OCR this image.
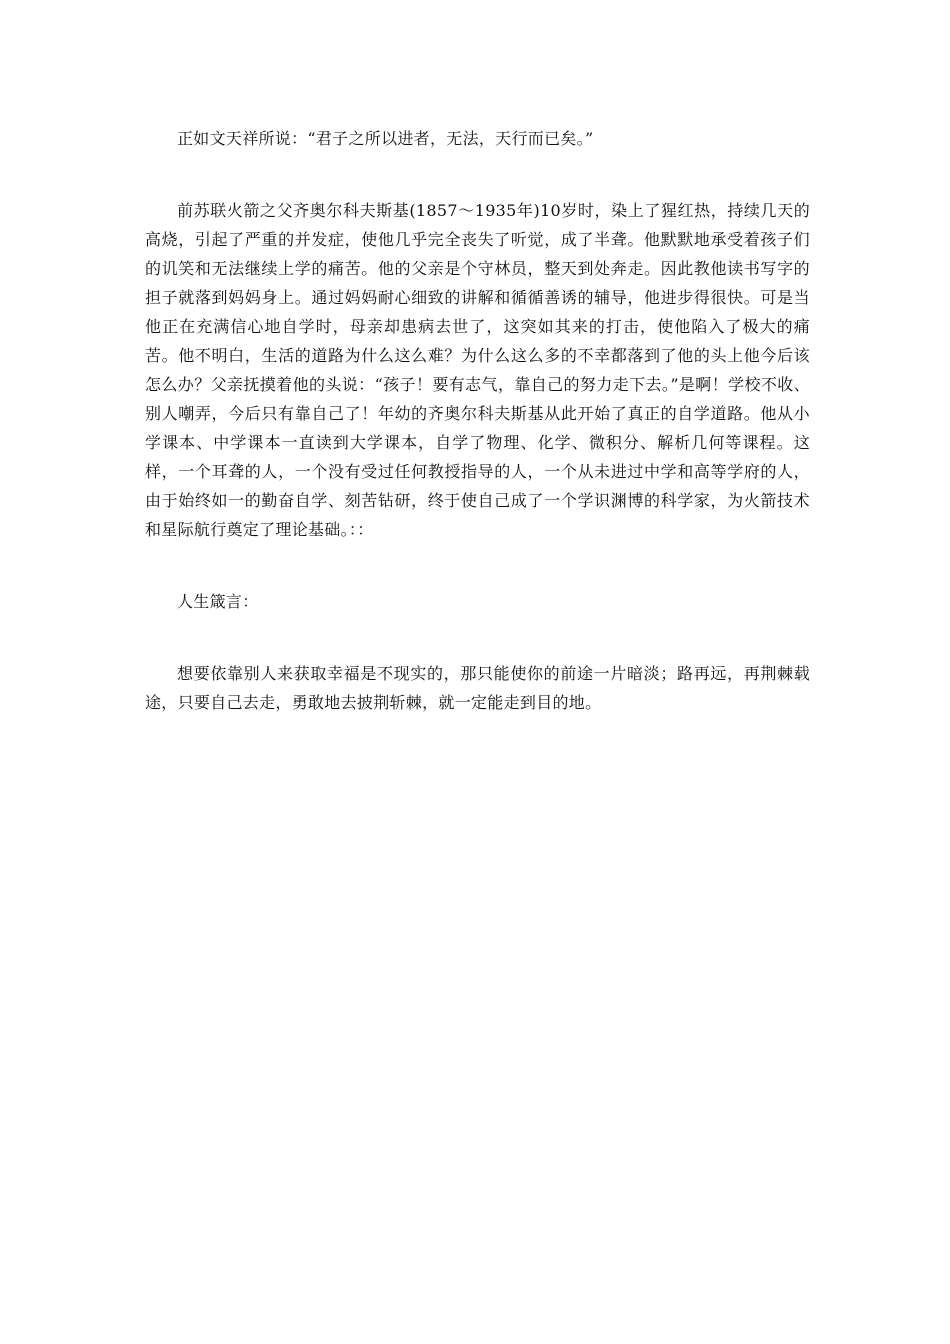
正如文天祥所说：“君子之所以进者，无法，天行而已矣。”

前苏联火箭之父齐奥尔科夫斯基(1857～1935年)10岁时，染上了猩红热，持续几天的高烧，引起了严重的并发症，使他几乎完全丧失了听觉，成了半聋。他默默地承受着孩子们的讥笑和无法继续上学的痛苦。他的父亲是个守林员，整天到处奔走。因此教他读书写字的担子就落到妈妈身上。通过妈妈耐心细致的讲解和循循善诱的辅导，他进步得很快。可是当他正在充满信心地自学时，母亲却患病去世了，这突如其来的打击，使他陷入了极大的痛苦。他不明白，生活的道路为什么这么难？为什么这么多的不幸都落到了他的头上他今后该怎么办？父亲抚摸着他的头说：“孩子！要有志气，靠自己的努力走下去。”是啊！学校不收、别人嘲弄，今后只有靠自己了！年幼的齐奥尔科夫斯基从此开始了真正的自学道路。他从小学课本、中学课本一直读到大学课本，自学了物理、化学、微积分、解析几何等课程。这样，一个耳聋的人，一个没有受过任何教授指导的人，一个从未进过中学和高等学府的人，由于始终如一的勤奋自学、刻苦钻研，终于使自己成了一个学识渊博的科学家，为火箭技术和星际航行奠定了理论基础。：：

人生箴言：

想要依靠别人来获取幸福是不现实的，那只能使你的前途一片暗淡；路再远，再荆棘载途，只要自己去走，勇敢地去披荆斩棘，就一定能走到目的地。
